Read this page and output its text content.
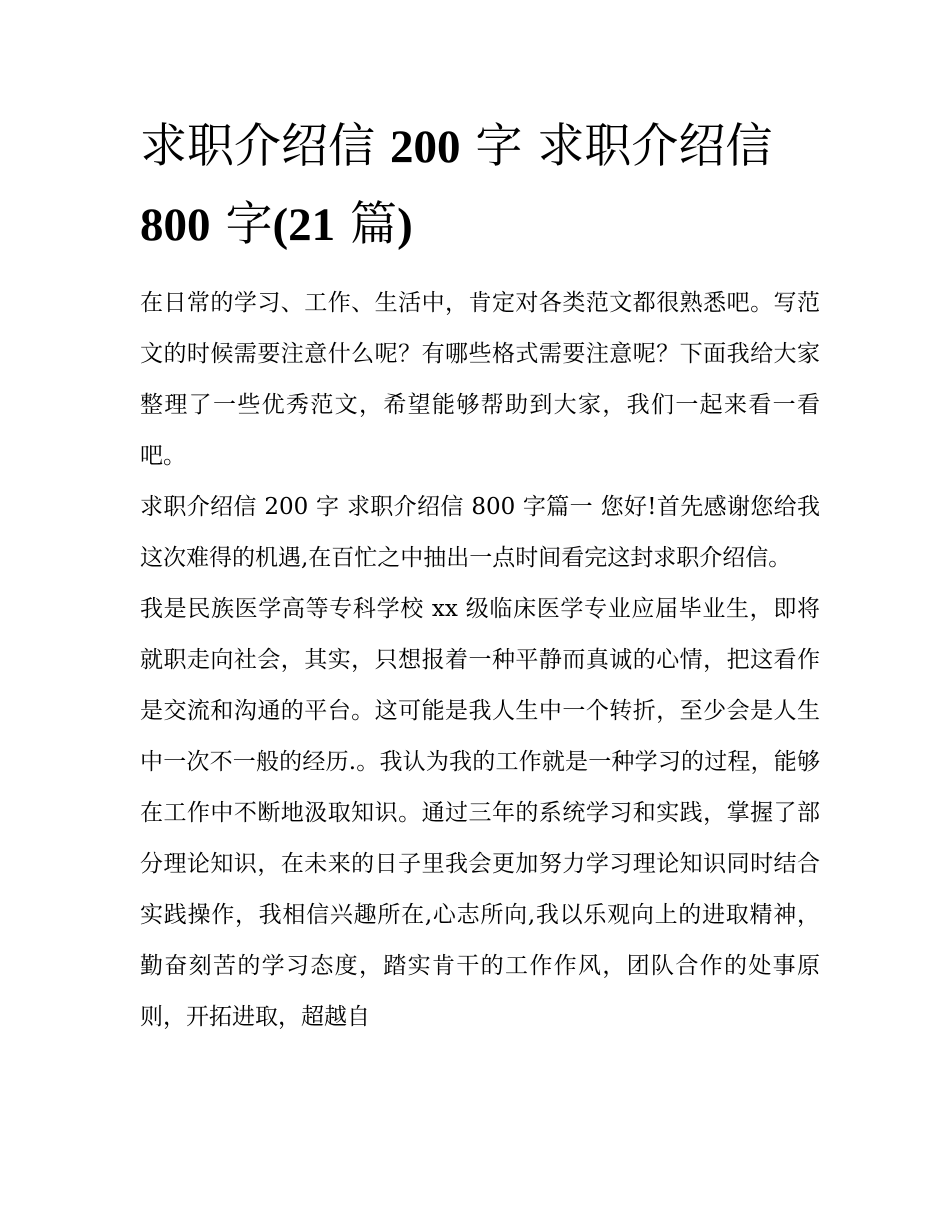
求职介绍信 200 字 求职介绍信 800 字(21 篇)

在日常的学习、工作、生活中，肯定对各类范文都很熟悉吧。写范文的时候需要注意什么呢？有哪些格式需要注意呢？下面我给大家整理了一些优秀范文，希望能够帮助到大家，我们一起来看一看吧。

求职介绍信 200 字 求职介绍信 800 字篇一 您好!首先感谢您给我这次难得的机遇,在百忙之中抽出一点时间看完这封求职介绍信。

我是民族医学高等专科学校 xx 级临床医学专业应届毕业生，即将就职走向社会，其实，只想报着一种平静而真诚的心情，把这看作是交流和沟通的平台。这可能是我人生中一个转折，至少会是人生中一次不一般的经历.。我认为我的工作就是一种学习的过程，能够在工作中不断地汲取知识。通过三年的系统学习和实践，掌握了部分理论知识，在未来的日子里我会更加努力学习理论知识同时结合实践操作，我相信兴趣所在,心志所向,我以乐观向上的进取精神，勤奋刻苦的学习态度，踏实肯干的工作作风，团队合作的处事原则，开拓进取，超越自
